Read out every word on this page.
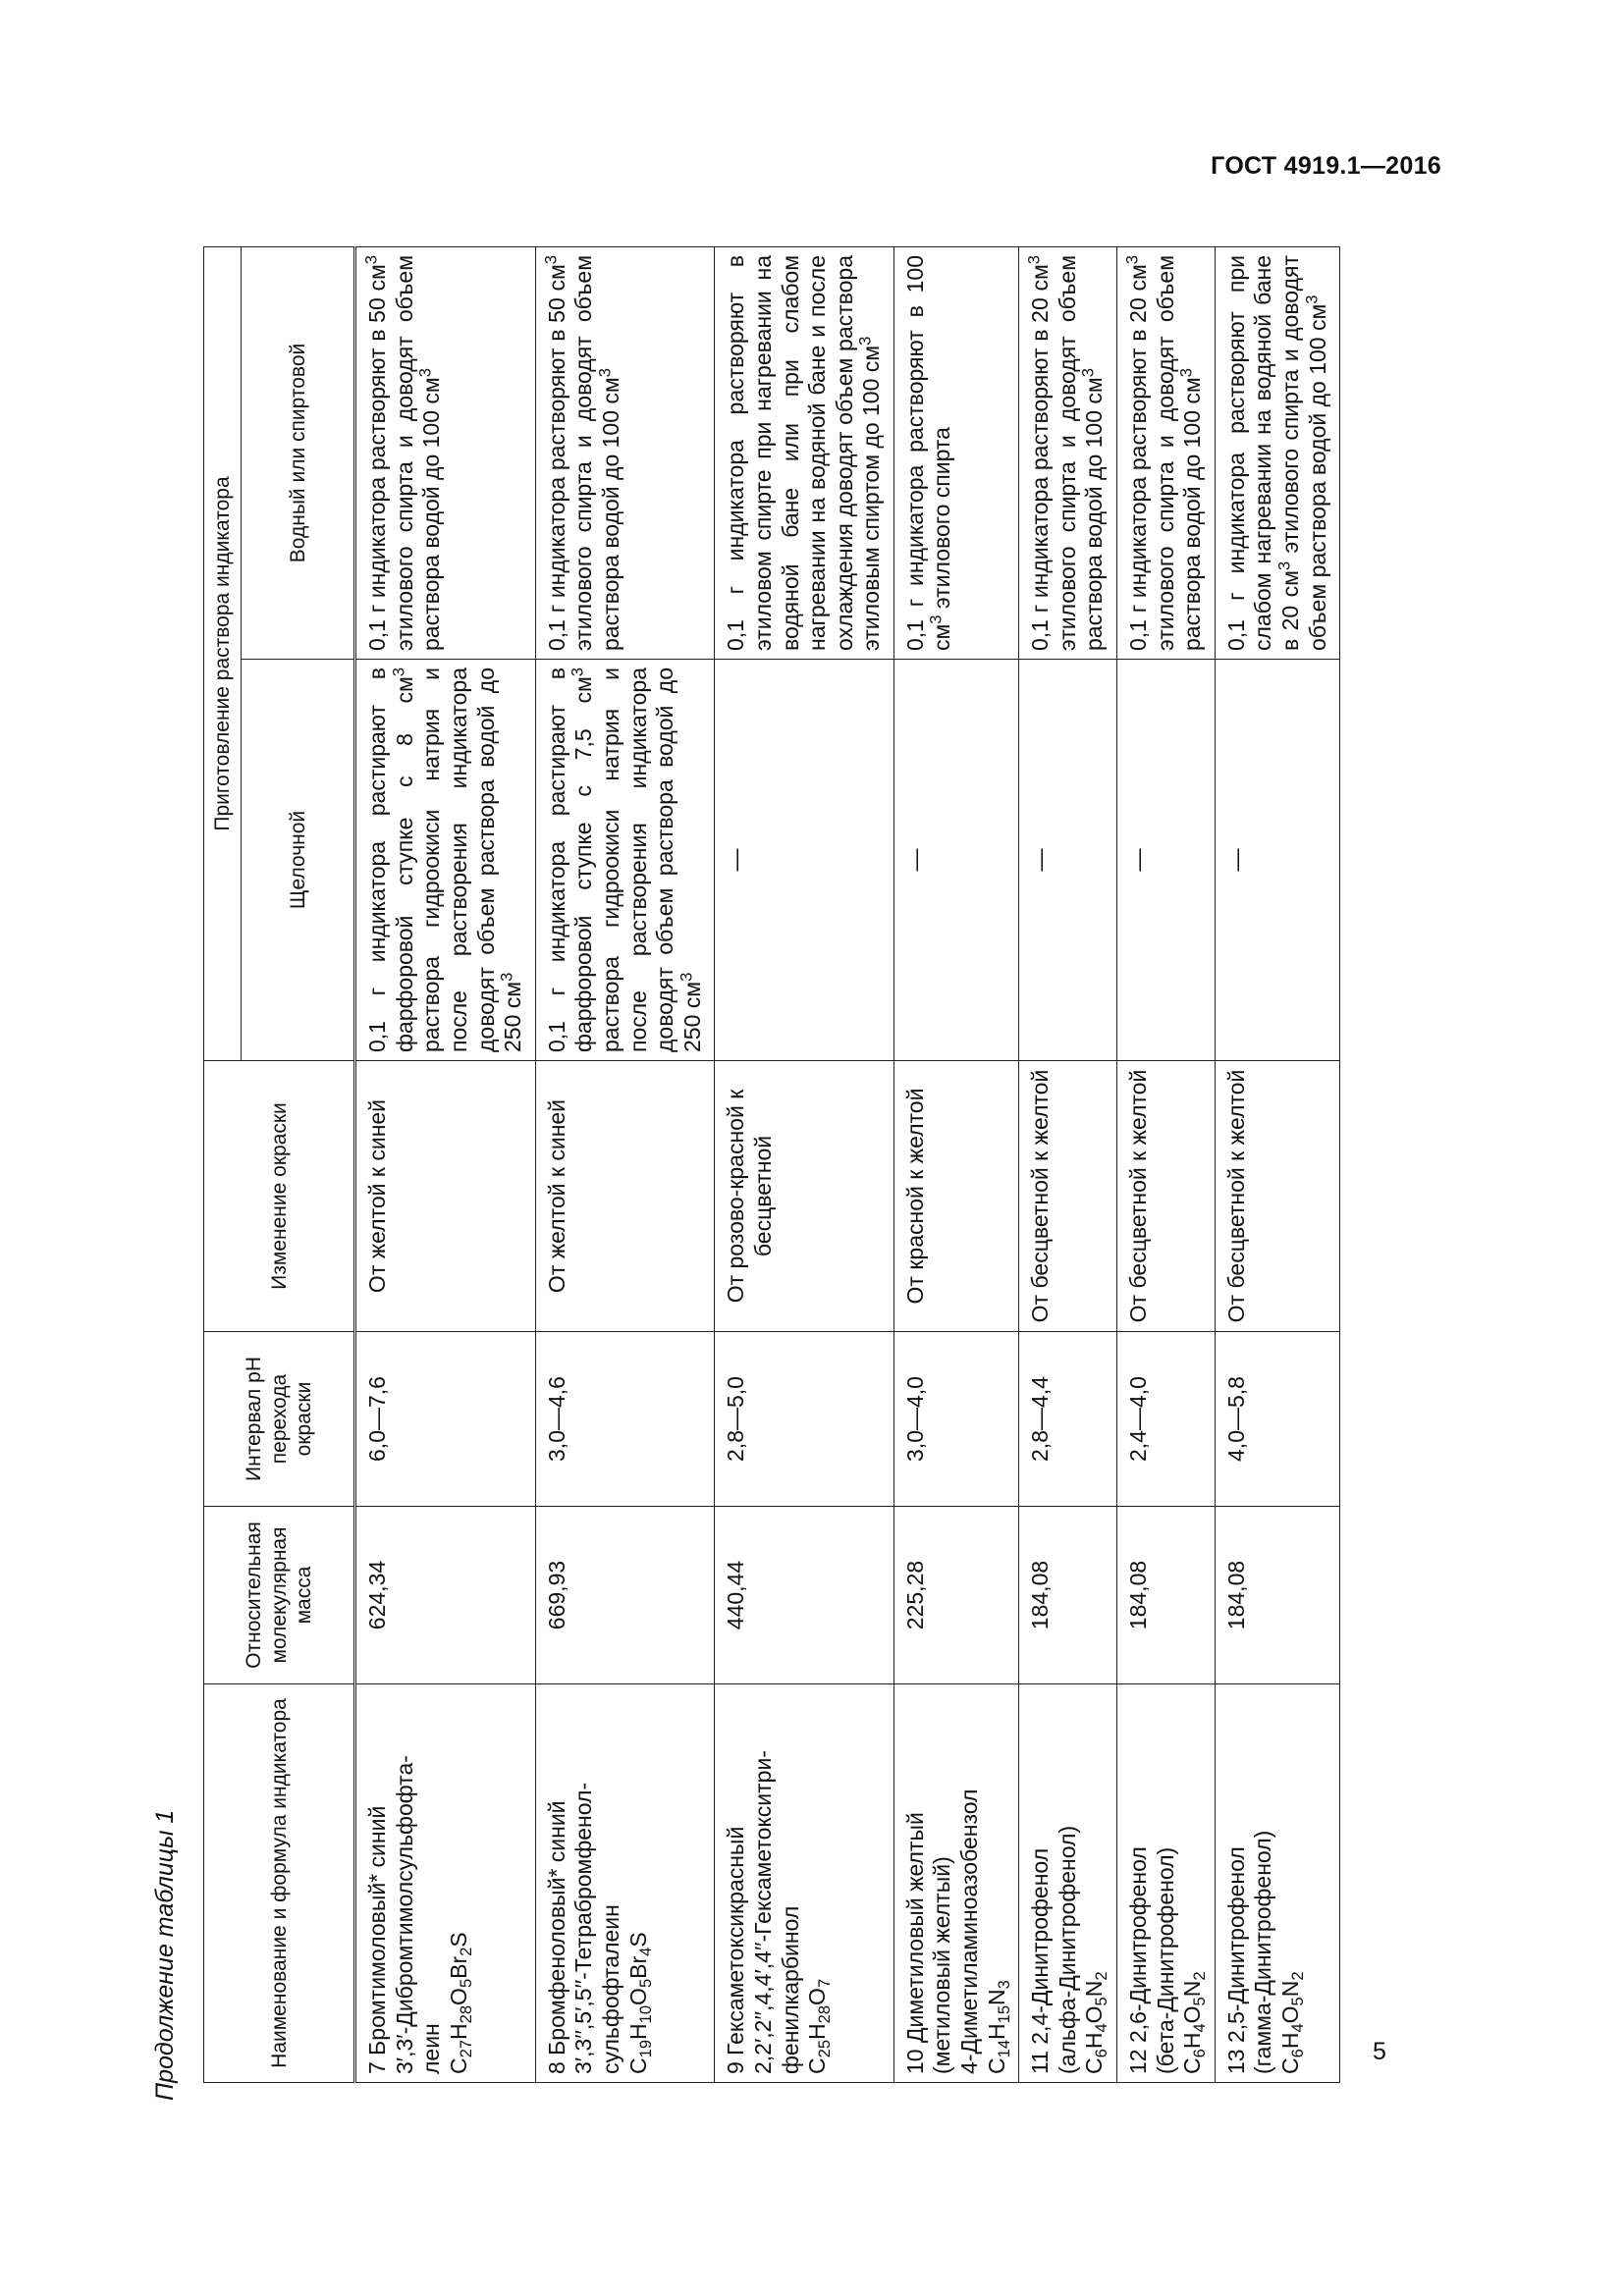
ГОСТ 4919.1—2016
Продолжение таблицы 1	Наименование и формула индикатора	Относительная молекулярная масса	Интервал pH перехода окраски	Изменение окраски	Приготовление раствора индикатора	
				Щелочной	Водный или спиртовой
7 Бромтимоловый* синий
3′,3′-Дибромтимолсульфофта-
леин
$C_{27}H_{28}O_5Br_2S$	624,34	6,0—7,6	От желтой к синей	0,1 г индикатора растирают в фарфоровой ступке с 8 $см^3$ раствора гидроокиси натрия и после растворения индикатора доводят объем раствора водой до 250 $см^3$	0,1 г индикатора растворяют в 50 $см^3$ этилового спирта и доводят объем раствора водой до 100 $см^3$
8 Бромфеноловый* синий
3′,3′′,5′,5′′-Тетрабромфенол-
сульфофталеин
$C_{19}H_{10}O_5Br_4S$	669,93	3,0—4,6	От желтой к синей	0,1 г индикатора растирают в фарфоровой ступке с 7,5 $см^3$ раствора гидроокиси натрия и после растворения индикатора доводят объем раствора водой до 250 $см^3$	0,1 г индикатора растворяют в 50 $см^3$ этилового спирта и доводят объем раствора водой до 100 $см^3$
9 Гексаметоксикрасный
2,2′,2′′,4,4′,4′′-Гексаметокситри-
фенилкарбинол
$C_{25}H_{28}O_7$	440,44	2,8—5,0	От розово-красной к бесцветной	—	0,1 г индикатора растворяют в этиловом спирте при нагревании на водяной бане или при слабом нагревании на водяной бане и после охлаждения доводят объем раствора этиловым спиртом до 100 $см^3$
10 Диметиловый желтый (метиловый желтый)
4-Диметиламиноазобензол
$C_{14}H_{15}N_3$	225,28	3,0—4,0	От красной к желтой	—	0,1 г индикатора растворяют в 100 $см^3$ этилового спирта
11 2,4-Динитрофенол
(альфа-Динитрофенол)
$C_6H_4O_5N_2$	184,08	2,8—4,4	От бесцветной к желтой	—	0,1 г индикатора растворяют в 20 $см^3$ этилового спирта и доводят объем раствора водой до 100 $см^3$
12 2,6-Динитрофенол
(бета-Динитрофенол)
$C_6H_4O_5N_2$	184,08	2,4—4,0	От бесцветной к желтой	—	0,1 г индикатора растворяют в 20 $см^3$ этилового спирта и доводят объем раствора водой до 100 $см^3$
13 2,5-Динитрофенол
(гамма-Динитрофенол)
$C_6H_4O_5N_2$	184,08	4,0—5,8	От бесцветной к желтой	—	0,1 г индикатора растворяют при слабом нагревании на водяной бане в 20 $см^3$ этилового спирта и доводят объем раствора водой до 100 $см^3$
5
